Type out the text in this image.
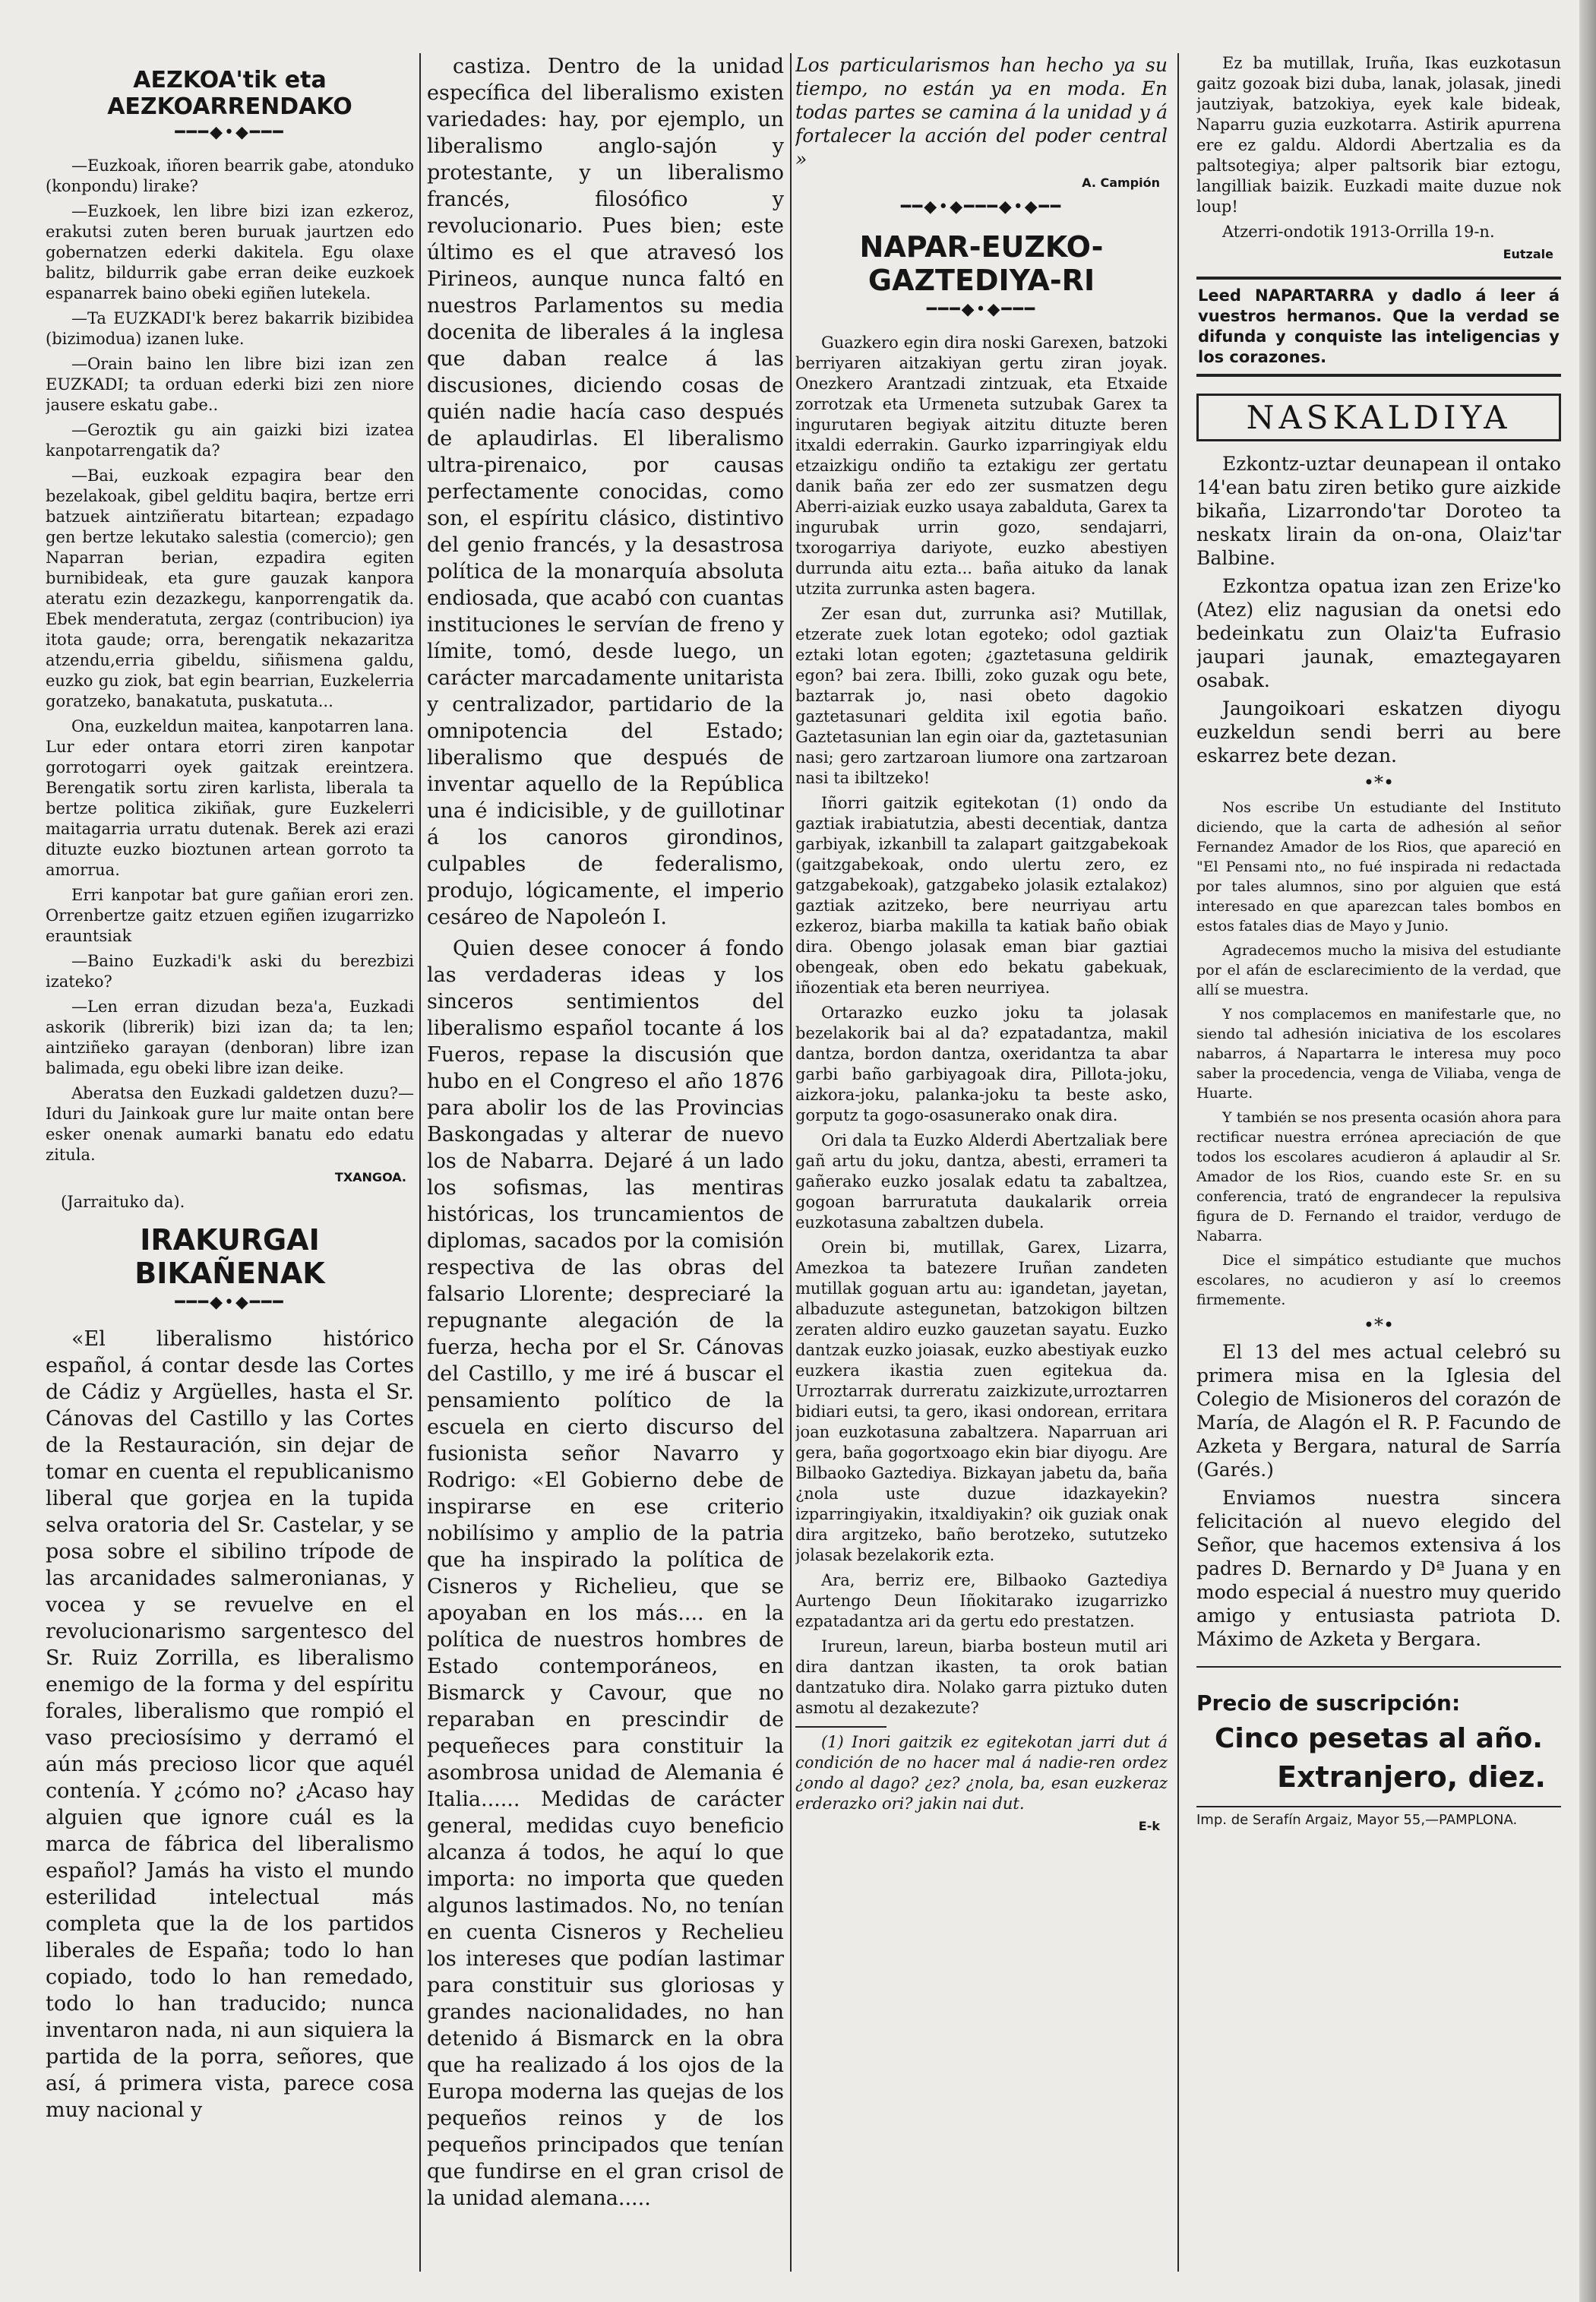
AEZKOA'tik eta AEZKOARRENDAKO
━━━◆•◆━━━

—Euzkoak, iñoren bearrik gabe, atonduko (konpondu) lirake?

—Euzkoek, len libre bizi izan ezkeroz, erakutsi zuten beren buruak jaurtzen edo gobernatzen ederki dakitela. Egu olaxe balitz, bildurrik gabe erran deike euzkoek espanarrek baino obeki egiñen lutekela.

—Ta EUZKADI'k berez bakarrik bizibidea (bizimodua) izanen luke.

—Orain baino len libre bizi izan zen EUZKADI; ta orduan ederki bizi zen niore jausere eskatu gabe..

—Geroztik gu ain gaizki bizi izatea kanpotarrengatik da?

—Bai, euzkoak ezpagira bear den bezelakoak, gibel gelditu baqira, bertze erri batzuek aintziñeratu bitartean; ezpadago gen bertze lekutako salestia (comercio); gen Naparran berian, ezpadira egiten burnibideak, eta gure gauzak kanpora ateratu ezin dezazkegu, kanporrengatik da. Ebek menderatuta, zergaz (contribucion) iya itota gaude; orra, berengatik nekazaritza atzendu,erria gibeldu, siñismena galdu, euzko gu ziok, bat egin bearrian, Euzkelerria goratzeko, banakatuta, puskatuta...

Ona, euzkeldun maitea, kanpotarren lana. Lur eder ontara etorri ziren kanpotar gorrotogarri oyek gaitzak ereintzera. Berengatik sortu ziren karlista, liberala ta bertze politica zikiñak, gure Euzkelerri maitagarria urratu dutenak. Berek azi erazi dituzte euzko bioztunen artean gorroto ta amorrua.

Erri kanpotar bat gure gañian erori zen. Orrenbertze gaitz etzuen egiñen izugarrizko erauntsiak

—Baino Euzkadi'k aski du berezbizi izateko?

—Len erran dizudan beza'a, Euzkadi askorik (librerik) bizi izan da; ta len; aintziñeko garayan (denboran) libre izan balimada, egu obeki libre izan deike.

Aberatsa den Euzkadi galdetzen duzu?—Iduri du Jainkoak gure lur maite ontan bere esker onenak aumarki banatu edo edatu zitula.

TXANGOA.
(Jarraituko da).
IRAKURGAI BIKAÑENAK
━━━◆•◆━━━

«El liberalismo histórico español, á contar desde las Cortes de Cádiz y Argüelles, hasta el Sr. Cánovas del Castillo y las Cortes de la Restauración, sin dejar de tomar en cuenta el republicanismo liberal que gorjea en la tupida selva oratoria del Sr. Castelar, y se posa sobre el sibilino trípode de las arcanidades salmeronianas, y vocea y se revuelve en el revolucionarismo sargentesco del Sr. Ruiz Zorrilla, es liberalismo enemigo de la forma y del espíritu forales, liberalismo que rompió el vaso preciosísimo y derramó el aún más precioso licor que aquél contenía. Y ¿cómo no? ¿Acaso hay alguien que ignore cuál es la marca de fábrica del liberalismo español? Jamás ha visto el mundo esterilidad intelectual más completa que la de los partidos liberales de España; todo lo han copiado, todo lo han remedado, todo lo han traducido; nunca inventaron nada, ni aun siquiera la partida de la porra, señores, que así, á primera vista, parece cosa muy nacional y

castiza. Dentro de la unidad específica del liberalismo existen variedades: hay, por ejemplo, un liberalismo anglo-sajón y protestante, y un liberalismo francés, filosófico y revolucionario. Pues bien; este último es el que atravesó los Pirineos, aunque nunca faltó en nuestros Parlamentos su media docenita de liberales á la inglesa que daban realce á las discusiones, diciendo cosas de quién nadie hacía caso después de aplaudirlas. El liberalismo ultra-pirenaico, por causas perfectamente conocidas, como son, el espíritu clásico, distintivo del genio francés, y la desastrosa política de la monarquía absoluta endiosada, que acabó con cuantas instituciones le servían de freno y límite, tomó, desde luego, un carácter marcadamente unitarista y centralizador, partidario de la omnipotencia del Estado; liberalismo que después de inventar aquello de la República una é indicisible, y de guillotinar á los canoros girondinos, culpables de federalismo, produjo, lógicamente, el imperio cesáreo de Napoleón I.

Quien desee conocer á fondo las verdaderas ideas y los sinceros sentimientos del liberalismo español tocante á los Fueros, repase la discusión que hubo en el Congreso el año 1876 para abolir los de las Provincias Baskongadas y alterar de nuevo los de Nabarra. Dejaré á un lado los sofismas, las mentiras históricas, los truncamientos de diplomas, sacados por la comisión respectiva de las obras del falsario Llorente; despreciaré la repugnante alegación de la fuerza, hecha por el Sr. Cánovas del Castillo, y me iré á buscar el pensamiento político de la escuela en cierto discurso del fusionista señor Navarro y Rodrigo: «El Gobierno debe de inspirarse en ese criterio nobilísimo y amplio de la patria que ha inspirado la política de Cisneros y Richelieu, que se apoyaban en los más.... en la política de nuestros hombres de Estado contemporáneos, en Bismarck y Cavour, que no reparaban en prescindir de pequeñeces para constituir la asombrosa unidad de Alemania é Italia...... Medidas de carácter general, medidas cuyo beneficio alcanza á todos, he aquí lo que importa: no importa que queden algunos lastimados. No, no tenían en cuenta Cisneros y Rechelieu los intereses que podían lastimar para constituir sus gloriosas y grandes nacionalidades, no han detenido á Bismarck en la obra que ha realizado á los ojos de la Europa moderna las quejas de los pequeños reinos y de los pequeños principados que tenían que fundirse en el gran crisol de la unidad alemana.....

Los particularismos han hecho ya su tiempo, no están ya en moda. En todas partes se camina á la unidad y á fortalecer la acción del poder central »

A. Campión
━━◆•◆━━━◆•◆━━
NAPAR-EUZKO-GAZTEDIYA-RI
━━━◆•◆━━━

Guazkero egin dira noski Garexen, batzoki berriyaren aitzakiyan gertu ziran joyak. Onezkero Arantzadi zintzuak, eta Etxaide zorrotzak eta Urmeneta sutzubak Garex ta ingurutaren begiyak aitzitu dituzte beren itxaldi ederrakin. Gaurko izparringiyak eldu etzaizkigu ondiño ta eztakigu zer gertatu danik baña zer edo zer susmatzen degu Aberri-aiziak euzko usaya zabalduta, Garex ta ingurubak urrin gozo, sendajarri, txorogarriya dariyote, euzko abestiyen durrunda aitu ezta... baña aituko da lanak utzita zurrunka asten bagera.

Zer esan dut, zurrunka asi? Mutillak, etzerate zuek lotan egoteko; odol gaztiak eztaki lotan egoten; ¿gaztetasuna geldirik egon? bai zera. Ibilli, zoko guzak ogu bete, baztarrak jo, nasi obeto dagokio gaztetasunari geldita ixil egotia baño. Gaztetasunian lan egin oiar da, gaztetasunian nasi; gero zartzaroan liumore ona zartzaroan nasi ta ibiltzeko!

Iñorri gaitzik egitekotan (1) ondo da gaztiak irabiatutzia, abesti decentiak, dantza garbiyak, izkanbill ta zalapart gaitzgabekoak (gaitzgabekoak, ondo ulertu zero, ez gatzgabekoak), gatzgabeko jolasik eztalakoz) gaztiak azitzeko, bere neurriyau artu ezkeroz, biarba makilla ta katiak baño obiak dira. Obengo jolasak eman biar gaztiai obengeak, oben edo bekatu gabekuak, iñozentiak eta beren neurriyea.

Ortarazko euzko joku ta jolasak bezelakorik bai al da? ezpatadantza, makil dantza, bordon dantza, oxeridantza ta abar garbi baño garbiyagoak dira, Pillota-joku, aizkora-joku, palanka-joku ta beste asko, gorputz ta gogo-osasunerako onak dira.

Ori dala ta Euzko Alderdi Abertzaliak bere gañ artu du joku, dantza, abesti, errameri ta gañerako euzko josalak edatu ta zabaltzea, gogoan barruratuta daukalarik orreia euzkotasuna zabaltzen dubela.

Orein bi, mutillak, Garex, Lizarra, Amezkoa ta batezere Iruñan zandeten mutillak goguan artu au: igandetan, jayetan, albaduzute astegunetan, batzokigon biltzen zeraten aldiro euzko gauzetan sayatu. Euzko dantzak euzko joiasak, euzko abestiyak euzko euzkera ikastia zuen egitekua da. Urroztarrak durreratu zaizkizute,urroztarren bidiari eutsi, ta gero, ikasi ondorean, erritara joan euzkotasuna zabaltzera. Naparruan ari gera, baña gogortxoago ekin biar diyogu. Are Bilbaoko Gaztediya. Bizkayan jabetu da, baña ¿nola uste duzue idazkayekin? izparringiyakin, itxaldiyakin? oik guziak onak dira argitzeko, baño berotzeko, sututzeko jolasak bezelakorik ezta.

Ara, berriz ere, Bilbaoko Gaztediya Aurtengo Deun Iñokitarako izugarrizko ezpatadantza ari da gertu edo prestatzen.

Irureun, lareun, biarba bosteun mutil ari dira dantzan ikasten, ta orok batian dantzatuko dira. Nolako garra piztuko duten asmotu al dezakezute?

(1) Inori gaitzik ez egitekotan jarri dut á condición de no hacer mal á nadie-ren ordez ¿ondo al dago? ¿ez? ¿nola, ba, esan euzkeraz erderazko ori? jakin nai dut.

E-k

Ez ba mutillak, Iruña, Ikas euzkotasun gaitz gozoak bizi duba, lanak, jolasak, jinedi jautziyak, batzokiya, eyek kale bideak, Naparru guzia euzkotarra. Astirik apurrena ere ez galdu. Aldordi Abertzalia es da paltsotegiya; alper paltsorik biar eztogu, langilliak baizik. Euzkadi maite duzue nok loup!

Atzerri-ondotik 1913-Orrilla 19-n.

Eutzale
Leed NAPARTARRA y dadlo á leer á vuestros hermanos. Que la verdad se difunda y conquiste las inteligencias y los corazones.
NASKALDIYA

Ezkontz-uztar deunapean il ontako 14'ean batu ziren betiko gure aizkide bikaña, Lizarrondo'tar Doroteo ta neskatx lirain da on-ona, Olaiz'tar Balbine.

Ezkontza opatua izan zen Erize'ko (Atez) eliz nagusian da onetsi edo bedeinkatu zun Olaiz'ta Eufrasio jaupari jaunak, emaztegayaren osabak.

Jaungoikoari eskatzen diyogu euzkeldun sendi berri au bere eskarrez bete dezan.

•*•

Nos escribe Un estudiante del Instituto diciendo, que la carta de adhesión al señor Fernandez Amador de los Rios, que apareció en "El Pensami nto„ no fué inspirada ni redactada por tales alumnos, sino por alguien que está interesado en que aparezcan tales bombos en estos fatales dias de Mayo y Junio.

Agradecemos mucho la misiva del estudiante por el afán de esclarecimiento de la verdad, que allí se muestra.

Y nos complacemos en manifestarle que, no siendo tal adhesión iniciativa de los escolares nabarros, á Napartarra le interesa muy poco saber la procedencia, venga de Viliaba, venga de Huarte.

Y también se nos presenta ocasión ahora para rectificar nuestra errónea apreciación de que todos los escolares acudieron á aplaudir al Sr. Amador de los Rios, cuando este Sr. en su conferencia, trató de engrandecer la repulsiva figura de D. Fernando el traidor, verdugo de Nabarra.

Dice el simpático estudiante que muchos escolares, no acudieron y así lo creemos firmemente.

•*•

El 13 del mes actual celebró su primera misa en la Iglesia del Colegio de Misioneros del corazón de María, de Alagón el R. P. Facundo de Azketa y Bergara, natural de Sarría (Garés.)

Enviamos nuestra sincera felicitación al nuevo elegido del Señor, que hacemos extensiva á los padres D. Bernardo y Dª Juana y en modo especial á nuestro muy querido amigo y entusiasta patriota D. Máximo de Azketa y Bergara.

Precio de suscripción:
Cinco pesetas al año.
Extranjero, diez.
Imp. de Serafín Argaiz, Mayor 55,—PAMPLONA.
